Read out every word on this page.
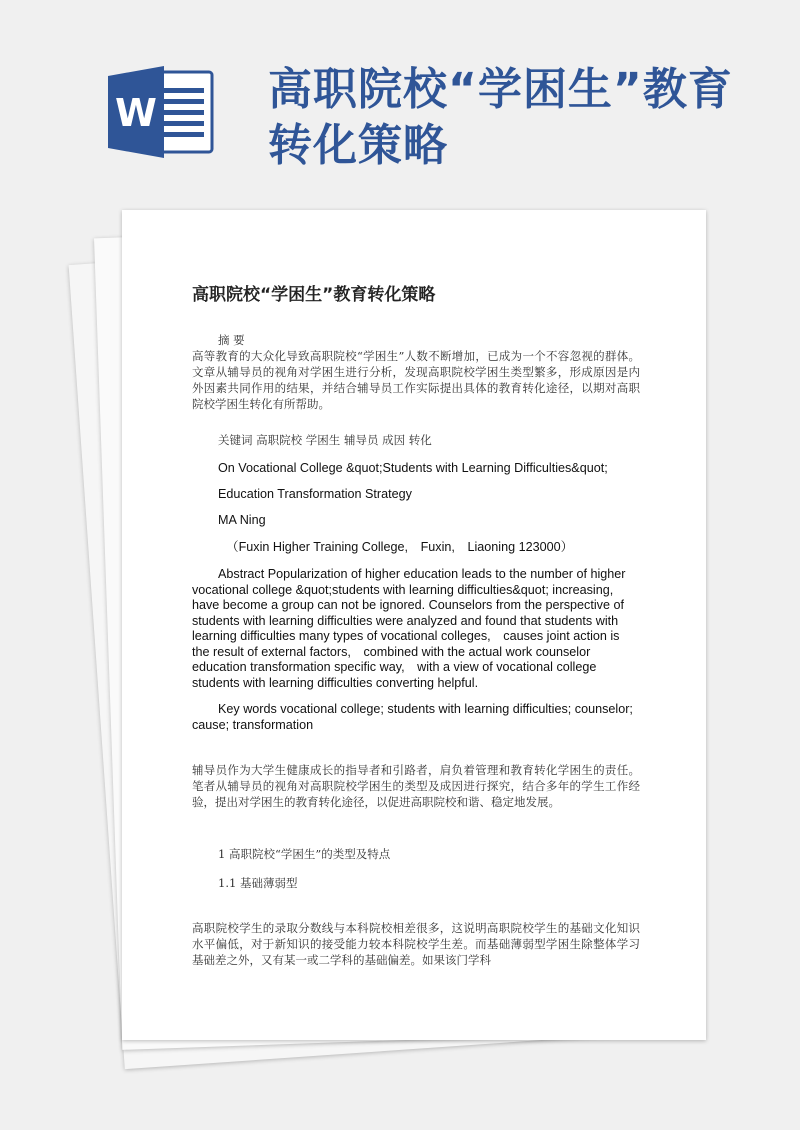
W	高职院校“学困生”教育转化策略
高职院校“学困生”教育转化策略

摘 要

高等教育的大众化导致高职院校“学困生”人数不断增加，已成为一个不容忽视的群体。文章从辅导员的视角对学困生进行分析，发现高职院校学困生类型繁多，形成原因是内外因素共同作用的结果，并结合辅导员工作实际提出具体的教育转化途径，以期对高职院校学困生转化有所帮助。

关键词 高职院校 学困生 辅导员 成因 转化

On Vocational College &quot;Students with Learning Difficulties&quot;

Education Transformation Strategy

MA Ning

（Fuxin Higher Training College,　Fuxin,　Liaoning 123000）

Abstract Popularization of higher education leads to the number of higher vocational college &quot;students with learning difficulties&quot; increasing, have become a group can not be ignored. Counselors from the perspective of students with learning difficulties were analyzed and found that students with learning difficulties many types of vocational colleges,　causes joint action is the result of external factors,　combined with the actual work counselor education transformation specific way,　with a view of vocational college students with learning difficulties converting helpful.

Key words vocational college; students with learning difficulties; counselor; cause; transformation

辅导员作为大学生健康成长的指导者和引路者，肩负着管理和教育转化学困生的责任。笔者从辅导员的视角对高职院校学困生的类型及成因进行探究，结合多年的学生工作经验，提出对学困生的教育转化途径，以促进高职院校和谐、稳定地发展。

1 高职院校“学困生”的类型及特点

1.1 基础薄弱型

高职院校学生的录取分数线与本科院校相差很多，这说明高职院校学生的基础文化知识水平偏低，对于新知识的接受能力较本科院校学生差。而基础薄弱型学困生除整体学习基础差之外，又有某一或二学科的基础偏差。如果该门学科
